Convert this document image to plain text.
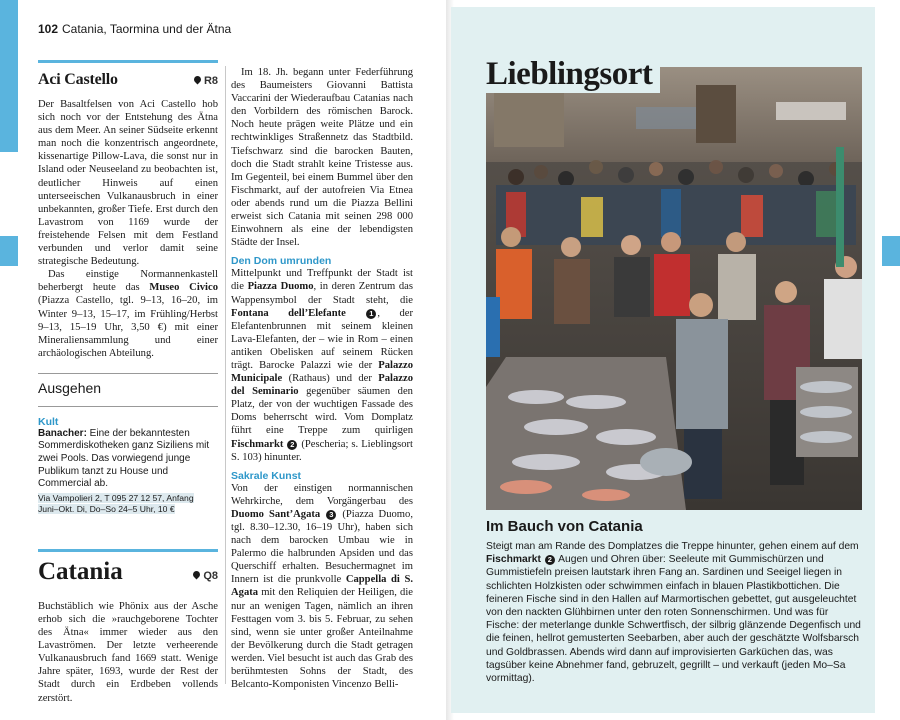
102 Catania, Taormina und der Ätna
Aci Castello	R8

Der Basaltfelsen von Aci Castello hob sich noch vor der Entstehung des Ätna aus dem Meer. An seiner Südseite erkennt man noch die konzentrisch angeordnete, kissenartige Pillow-Lava, die sonst nur in Island oder Neuseeland zu beobachten ist, deutlicher Hinweis auf einen unterseeischen Vulkanausbruch in einer unbekannten, großer Tiefe. Erst durch den Lavastrom von 1169 wurde der freistehende Felsen mit dem Festland verbunden und verlor damit seine strategische Bedeutung.

Das einstige Normannenkastell beherbergt heute das Museo Civico (Piazza Castello, tgl. 9–13, 16–20, im Winter 9–13, 15–17, im Frühling/Herbst 9–13, 15–19 Uhr, 3,50 €) mit einer Mineraliensammlung und einer archäologischen Abteilung.

Ausgehen
Kult
Banacher: Eine der bekanntesten Sommerdiskotheken ganz Siziliens mit zwei Pools. Das vorwiegend junge Publikum tanzt zu House und Commercial ab.
Via Vampolieri 2, T 095 27 12 57, Anfang
Juni–Okt. Di, Do–So 24–5 Uhr, 10 €
Catania	Q8
Buchstäblich wie Phönix aus der Asche erhob sich die »rauchgeborene Tochter des Ätna« immer wieder aus den Lavaströmen. Der letzte verheerende Vulkanausbruch fand 1669 statt. Wenige Jahre später, 1693, wurde der Rest der Stadt durch ein Erdbeben vollends zerstört.

Im 18. Jh. begann unter Federführung des Baumeisters Giovanni Battista Vaccarini der Wiederaufbau Catanias nach den Vorbildern des römischen Barock. Noch heute prägen weite Plätze und ein rechtwinkliges Straßennetz das Stadtbild. Tiefschwarz sind die barocken Bauten, doch die Stadt strahlt keine Tristesse aus. Im Gegenteil, bei einem Bummel über den Fischmarkt, auf der autofreien Via Etnea oder abends rund um die Piazza Bellini erweist sich Catania mit seinen 298 000 Einwohnern als eine der lebendigsten Städte der Insel.

Den Dom umrunden
Mittelpunkt und Treffpunkt der Stadt ist die Piazza Duomo, in deren Zentrum das Wappensymbol der Stadt steht, die Fontana dell’Elefante	1 , der Elefantenbrunnen mit seinem kleinen Lava-Elefanten, der – wie in Rom – einen antiken Obelisken auf seinem Rücken trägt. Barocke Palazzi wie der Palazzo Municipale (Rathaus) und der Palazzo del Seminario gegenüber säumen den Platz, der von der wuchtigen Fassade des Doms beherrscht wird. Vom Domplatz führt eine Treppe zum quirligen Fischmarkt 2 (Pescheria; s. Lieblingsort S. 103) hinunter.
Sakrale Kunst
Von der einstigen normannischen Wehrkirche, dem Vorgängerbau des Duomo Sant’Agata 3 (Piazza Duomo, tgl. 8.30–12.30, 16–19 Uhr), haben sich nach dem barocken Umbau wie in Palermo die halbrunden Apsiden und das Querschiff erhalten. Besuchermagnet im Innern ist die prunkvolle Cappella di S. Agata mit den Reliquien der Heiligen, die nur an wenigen Tagen, nämlich an ihren Festtagen vom 3. bis 5. Februar, zu sehen sind, wenn sie unter großer Anteilnahme der Bevölkerung durch die Stadt getragen werden. Viel besucht ist auch das Grab des berühmtesten Sohns der Stadt, des Belcanto-Komponisten Vincenzo Belli-
Lieblingsort
Im Bauch von Catania
Steigt man am Rande des Domplatzes die Treppe hinunter, gehen einem auf dem Fischmarkt 2 Augen und Ohren über: Seeleute mit Gummischürzen und Gummistiefeln preisen lautstark ihren Fang an. Sardinen und Seeigel liegen in schlichten Holzkisten oder schwimmen einfach in blauen Plastikbottichen. Die feineren Fische sind in den Hallen auf Marmortischen gebettet, gut ausgeleuchtet von den nackten Glühbirnen unter den roten Sonnenschirmen. Und was für Fische: der meterlange dunkle Schwertfisch, der silbrig glänzende Degenfisch und die feinen, hellrot gemusterten Seebarben, aber auch der geschätzte Wolfsbarsch und Goldbrassen. Abends wird dann auf improvisierten Garküchen das, was tagsüber keine Abnehmer fand, gebruzelt, gegrillt – und verkauft (jeden Mo–Sa vormittag).
